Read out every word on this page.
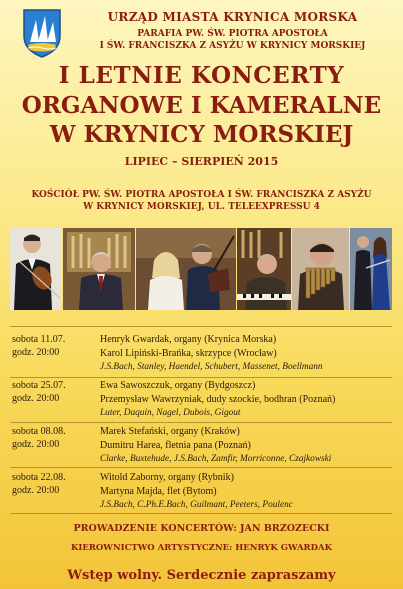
URZĄD MIASTA KRYNICA MORSKA
PARAFIA PW. ŚW. PIOTRA APOSTOŁA
I ŚW. FRANCISZKA Z ASYŻU W KRYNICY MORSKIEJ
I LETNIE KONCERTY
ORGANOWE I KAMERALNE
W KRYNICY MORSKIEJ
LIPIEC – SIERPIEŃ 2015
KOŚCIÓŁ PW. ŚW. PIOTRA APOSTOŁA I ŚW. FRANCISZKA Z ASYŻU
W KRYNICY MORSKIEJ, UL. TELEEXPRESSU 4
sobota 11.07.
godz. 20:00
Henryk Gwardak, organy (Krynica Morska)
Karol Lipiński-Brańka, skrzypce (Wrocław)
J.S.Bach, Stanley, Haendel, Schubert, Massenet, Boellmann
sobota 25.07.
godz. 20:00
Ewa Sawoszczuk, organy (Bydgoszcz)
Przemysław Wawrzyniak, dudy szockie, bodhran (Poznań)
Luter, Daquin, Nagel, Dubois, Gigout
sobota 08.08.
godz. 20:00
Marek Stefański, organy (Kraków)
Dumitru Harea, fletnia pana (Poznań)
Clarke, Buxtehude, J.S.Bach, Zamfir, Morriconne, Czajkowski
sobota 22.08.
godz. 20:00
Witold Zaborny, organy (Rybnik)
Martyna Majda, flet (Bytom)
J.S.Bach, C.Ph.E.Bach, Guilmant, Peeters, Poulenc
PROWADZENIE KONCERTÓW: JAN BRZOZECKI
KIEROWNICTWO ARTYSTYCZNE: HENRYK GWARDAK
Wstęp wolny. Serdecznie zapraszamy
